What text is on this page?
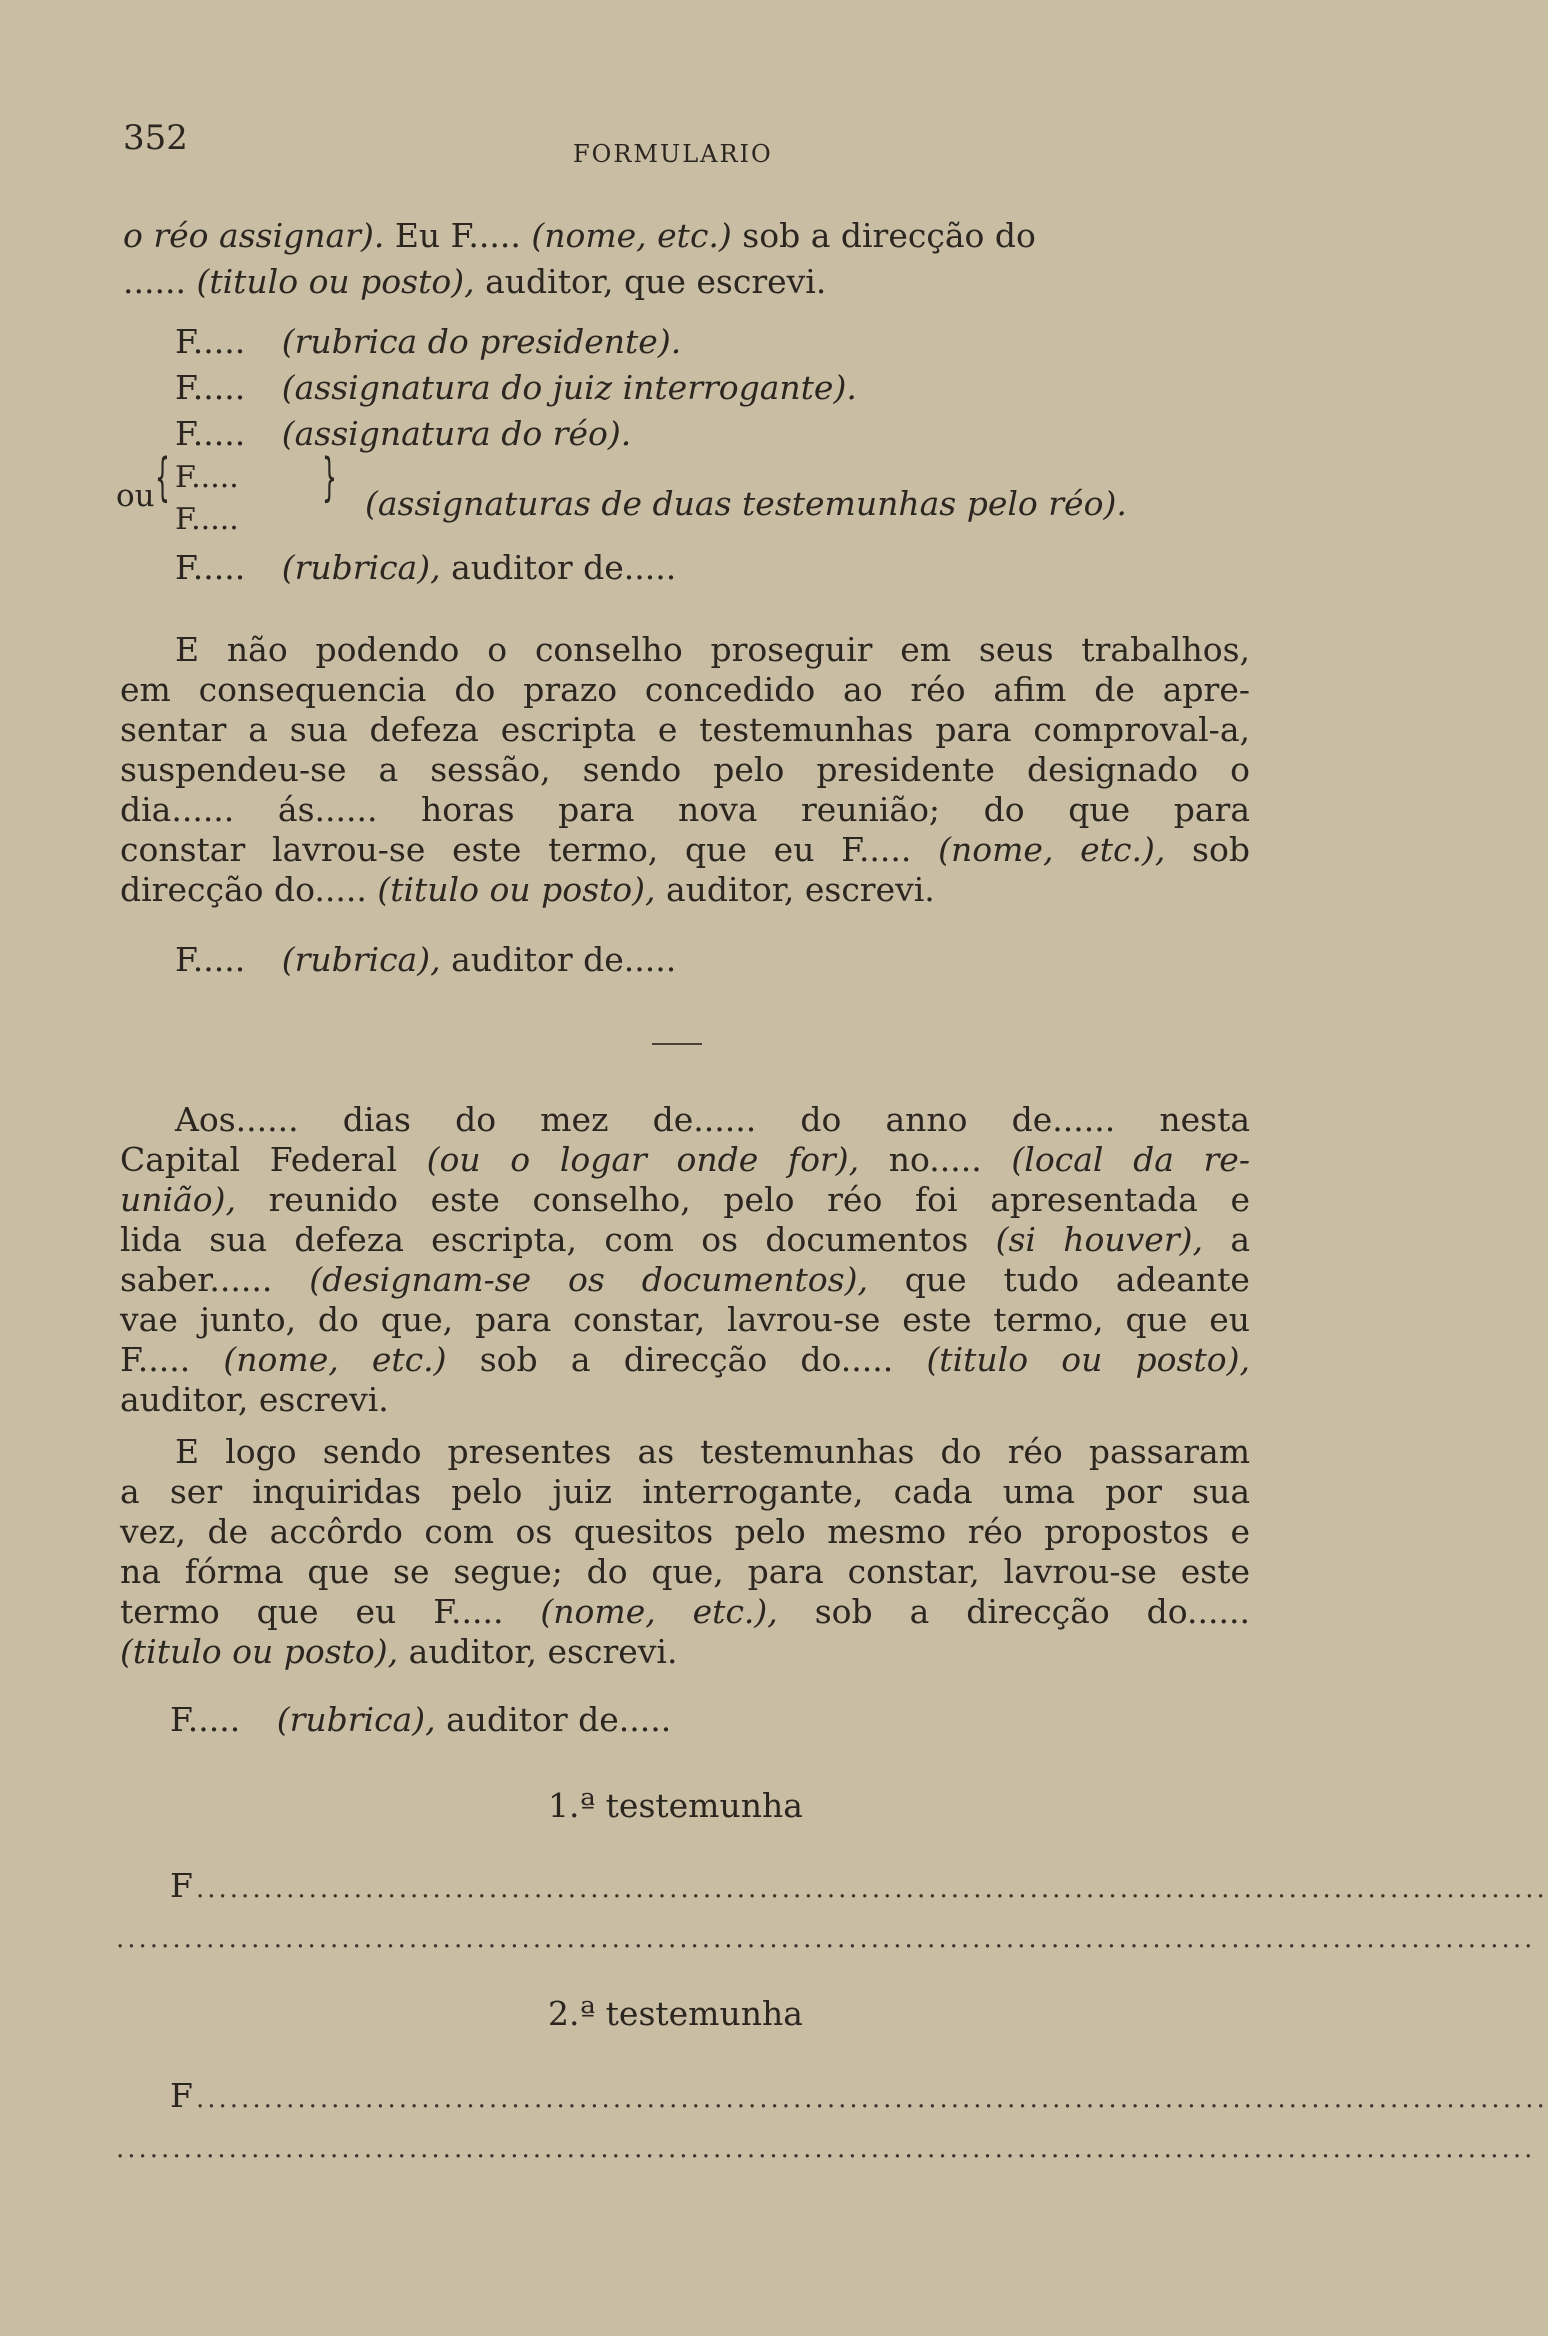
352	FORMULARIO
o réo assignar). Eu F..... (nome, etc.) sob a direcção do
...... (titulo ou posto), auditor, que escrevi.
F..... (rubrica do presidente).
F..... (assignatura do juiz interrogante).
F..... (assignatura do réo).
ou { F.....
F.....
} (assignaturas de duas testemunhas pelo réo).
F..... (rubrica), auditor de.....
E não podendo o conselho proseguir em seus trabalhos,
em consequencia do prazo concedido ao réo afim de apre-
sentar a sua defeza escripta e testemunhas para comproval-a,
suspendeu-se a sessão, sendo pelo presidente designado o
dia...... ás...... horas para nova reunião; do que para
constar lavrou-se este termo, que eu F..... (nome, etc.), sob
direcção do..... (titulo ou posto), auditor, escrevi.
F..... (rubrica), auditor de.....
Aos...... dias do mez de...... do anno de...... nesta
Capital Federal (ou o logar onde for), no..... (local da re-
união), reunido este conselho, pelo réo foi apresentada e
lida sua defeza escripta, com os documentos (si houver), a
saber...... (designam-se os documentos), que tudo adeante
vae junto, do que, para constar, lavrou-se este termo, que eu
F..... (nome, etc.) sob a direcção do..... (titulo ou posto),
auditor, escrevi.
E logo sendo presentes as testemunhas do réo passaram
a ser inquiridas pelo juiz interrogante, cada uma por sua
vez, de accôrdo com os quesitos pelo mesmo réo propostos e
na fórma que se segue; do que, para constar, lavrou-se este
termo que eu F..... (nome, etc.), sob a direcção do......
(titulo ou posto), auditor, escrevi.
F..... (rubrica), auditor de.....
1.ª testemunha
F ........................................................................................................................
..............................................................................................................................
2.ª testemunha
F ........................................................................................................................
..............................................................................................................................
